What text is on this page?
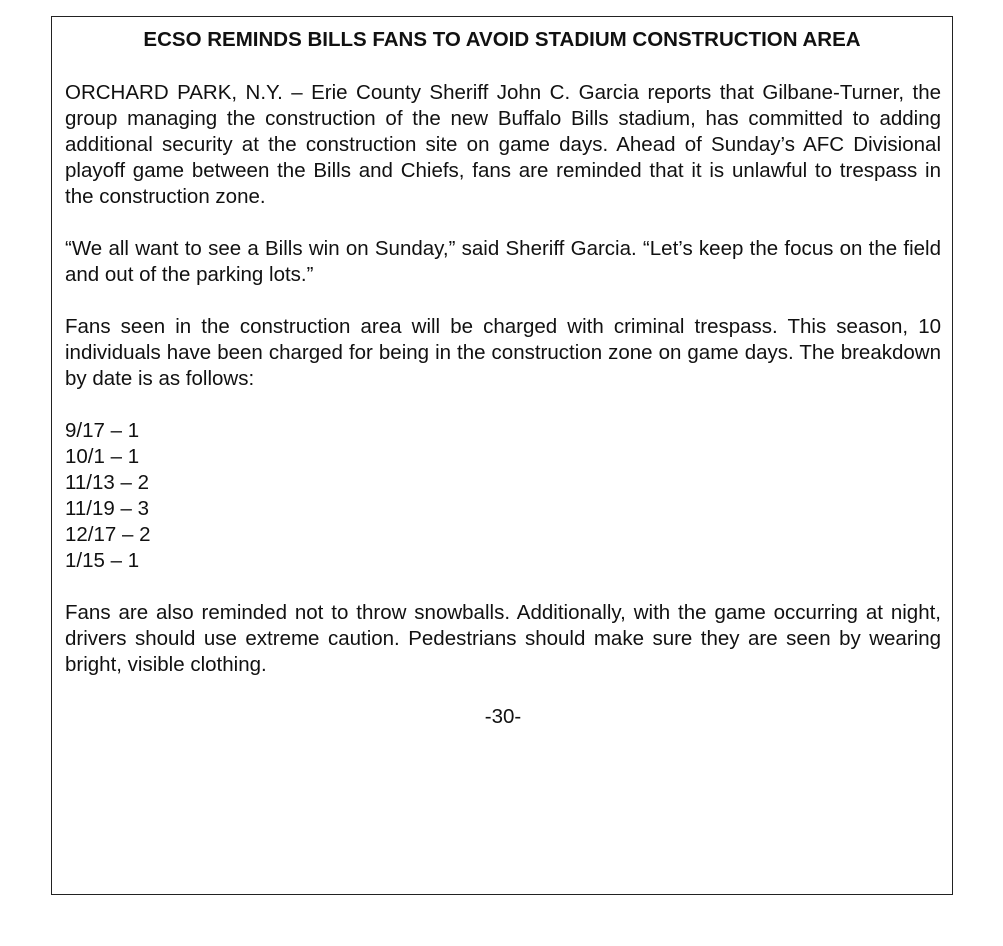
ECSO REMINDS BILLS FANS TO AVOID STADIUM CONSTRUCTION AREA

ORCHARD PARK, N.Y. – Erie County Sheriff John C. Garcia reports that Gilbane-Turner, the group managing the construction of the new Buffalo Bills stadium, has committed to adding additional security at the construction site on game days. Ahead of Sunday’s AFC Divisional playoff game between the Bills and Chiefs, fans are reminded that it is unlawful to trespass in the construction zone.

“We all want to see a Bills win on Sunday,” said Sheriff Garcia. “Let’s keep the focus on the field and out of the parking lots.”

Fans seen in the construction area will be charged with criminal trespass. This season, 10 individuals have been charged for being in the construction zone on game days. The breakdown by date is as follows:

9/17 – 1
10/1 – 1
11/13 – 2
11/19 – 3
12/17 – 2
1/15 – 1

Fans are also reminded not to throw snowballs. Additionally, with the game occurring at night, drivers should use extreme caution. Pedestrians should make sure they are seen by wearing bright, visible clothing.

-30-
